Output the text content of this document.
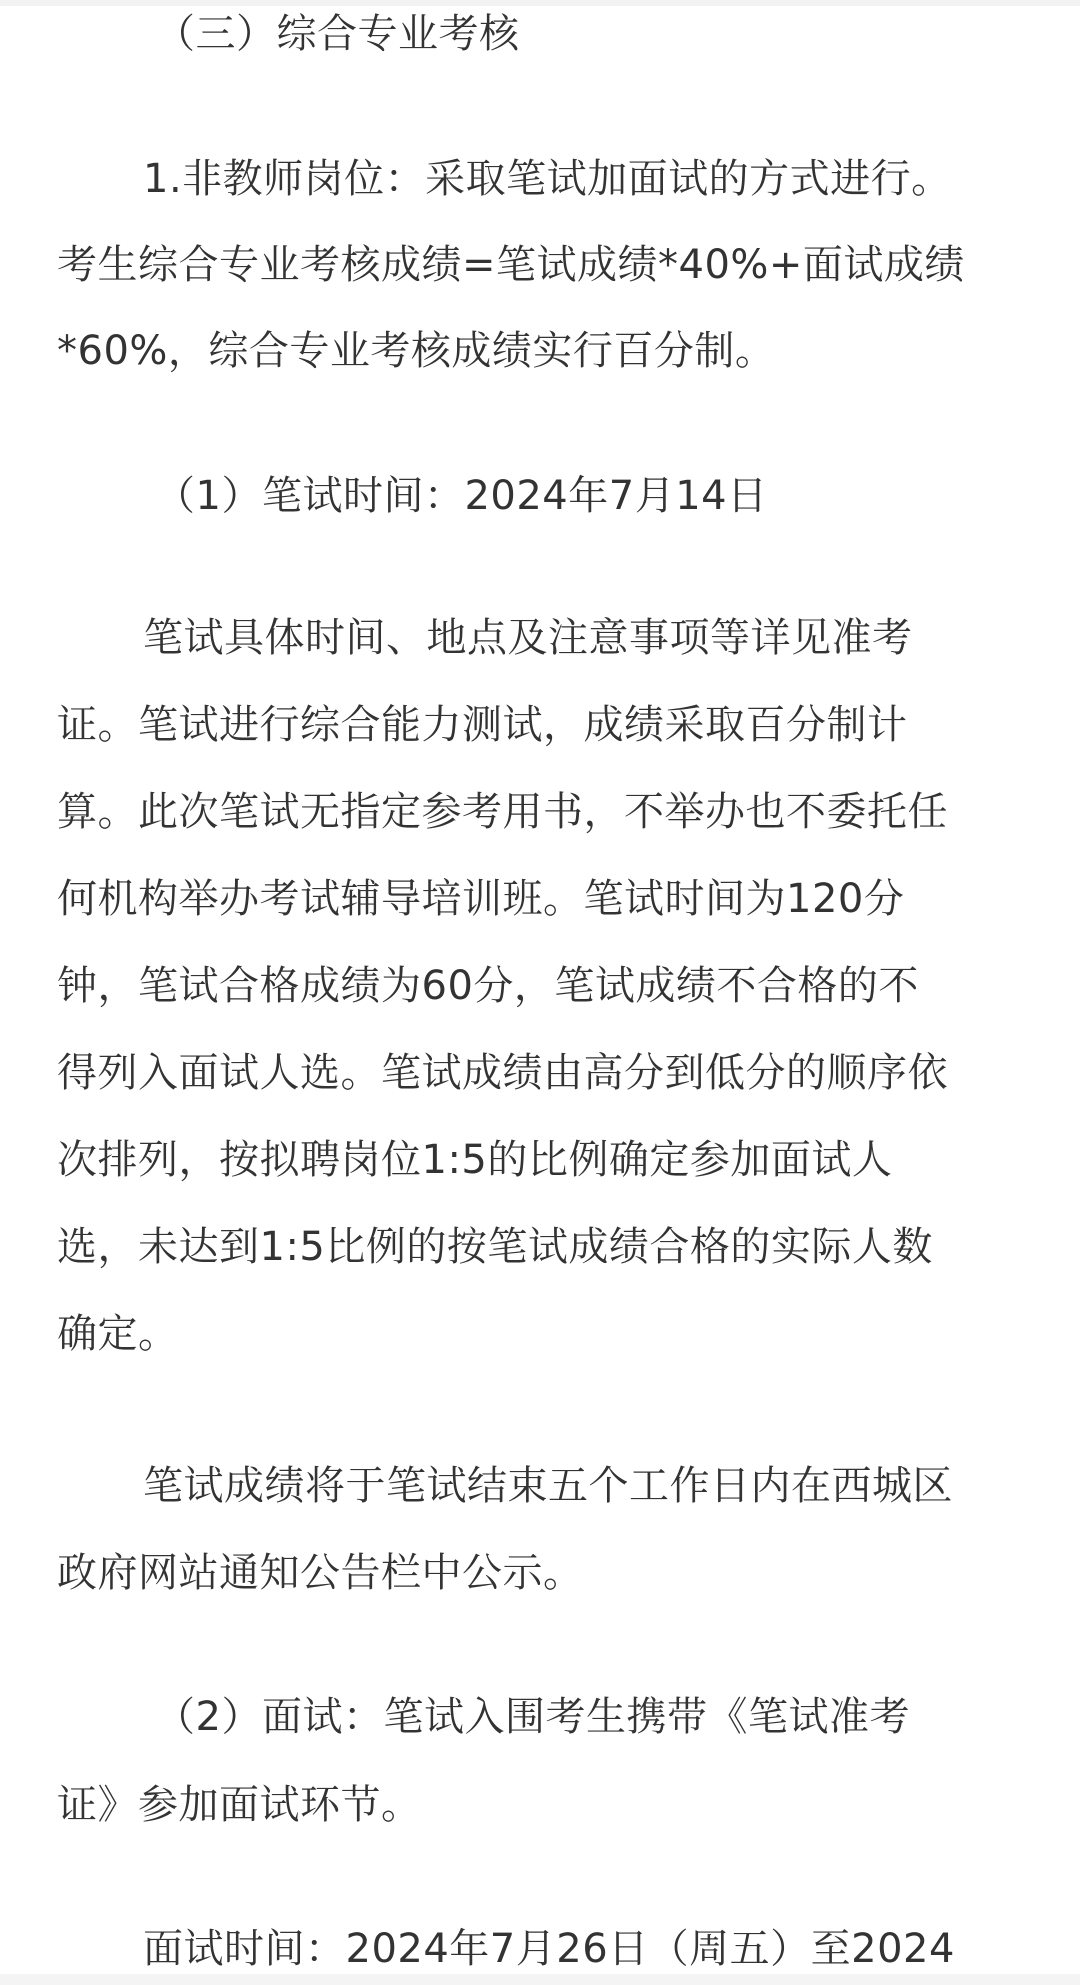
（三）综合专业考核

1.非教师岗位：采取笔试加面试的方式进行。

考生综合专业考核成绩=笔试成绩*40%+面试成绩

*60%，综合专业考核成绩实行百分制。

（1）笔试时间：2024年7月14日

笔试具体时间、地点及注意事项等详见准考

证。笔试进行综合能力测试，成绩采取百分制计

算。此次笔试无指定参考用书，不举办也不委托任

何机构举办考试辅导培训班。笔试时间为120分

钟，笔试合格成绩为60分，笔试成绩不合格的不

得列入面试人选。笔试成绩由高分到低分的顺序依

次排列，按拟聘岗位1:5的比例确定参加面试人

选，未达到1:5比例的按笔试成绩合格的实际人数

确定。

笔试成绩将于笔试结束五个工作日内在西城区

政府网站通知公告栏中公示。

（2）面试：笔试入围考生携带《笔试准考

证》参加面试环节。

面试时间：2024年7月26日（周五）至2024
